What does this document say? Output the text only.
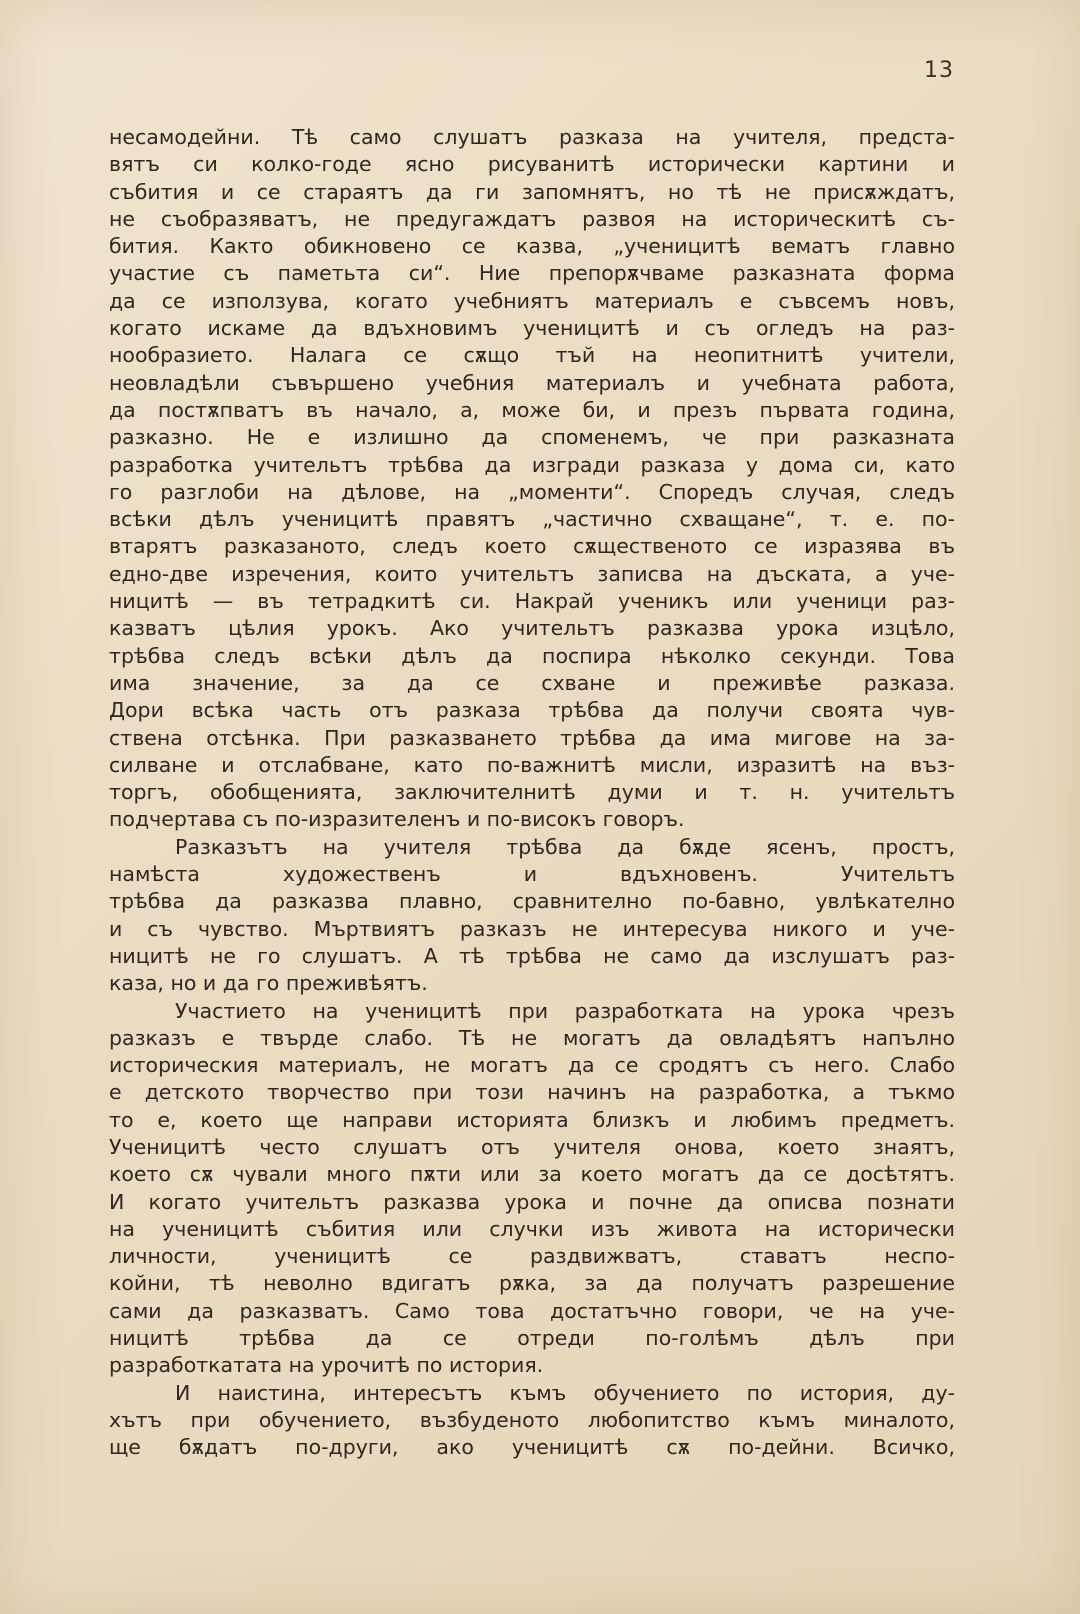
13
несамодейни. Тѣ само слушатъ разказа на учителя, предста-
вятъ си колко-годе ясно рисуванитѣ исторически картини и
събития и се стараятъ да ги запомнятъ, но тѣ не присѫждатъ,
не съобразяватъ, не предугаждатъ развоя на историческитѣ съ-
бития. Както обикновено се казва, „ученицитѣ вематъ главно
участие съ паметьта си“. Ние препорѫчваме разказната форма
да се използува, когато учебниятъ материалъ е съвсемъ новъ,
когато искаме да вдъхновимъ ученицитѣ и съ огледъ на раз-
нообразието. Налага се сѫщо тъй на неопитнитѣ учители,
неовладѣли съвършено учебния материалъ и учебната работа,
да постѫпватъ въ начало, а, може би, и презъ първата година,
разказно. Не е излишно да споменемъ, че при разказната
разработка учительтъ трѣбва да изгради разказа у дома си, като
го разглоби на дѣлове, на „моменти“. Споредъ случая, следъ
всѣки дѣлъ ученицитѣ правятъ „частично схващане“, т. е. по-
втарятъ разказаното, следъ което сѫщественото се изразява въ
едно-две изречения, които учительтъ записва на дъската, а уче-
ницитѣ — въ тетрадкитѣ си. Накрай ученикъ или ученици раз-
казватъ цѣлия урокъ. Ако учительтъ разказва урока изцѣло,
трѣбва следъ всѣки дѣлъ да поспира нѣколко секунди. Това
има значение, за да се схване и преживѣе разказа.
Дори всѣка часть отъ разказа трѣбва да получи своята чув-
ствена отсѣнка. При разказването трѣбва да има мигове на за-
силване и отслабване, като по-важнитѣ мисли, изразитѣ на въз-
торгъ, обобщенията, заключителнитѣ думи и т. н. учительтъ
подчертава съ по-изразителенъ и по-високъ говоръ.
Разказътъ на учителя трѣбва да бѫде ясенъ, простъ,
намѣста художественъ и вдъхновенъ. Учительтъ
трѣбва да разказва плавно, сравнително по-бавно, увлѣкателно
и съ чувство. Мъртвиятъ разказъ не интересува никого и уче-
ницитѣ не го слушатъ. А тѣ трѣбва не само да изслушатъ раз-
каза, но и да го преживѣятъ.
Участието на ученицитѣ при разработката на урока чрезъ
разказъ е твърде слабо. Тѣ не могатъ да овладѣятъ напълно
историческия материалъ, не могатъ да се сродятъ съ него. Слабо
е детското творчество при този начинъ на разработка, а тъкмо
то е, което ще направи историята близкъ и любимъ предметъ.
Ученицитѣ често слушатъ отъ учителя онова, което знаятъ,
което сѫ чували много пѫти или за което могатъ да се досѣтятъ.
И когато учительтъ разказва урока и почне да описва познати
на ученицитѣ събития или случки изъ живота на исторически
личности, ученицитѣ се раздвижватъ, ставатъ неспо-
койни, тѣ неволно вдигатъ рѫка, за да получатъ разрешение
сами да разказватъ. Само това достатъчно говори, че на уче-
ницитѣ трѣбва да се отреди по-голѣмъ дѣлъ при
разработкатата на урочитѣ по история.
И наистина, интересътъ къмъ обучението по история, ду-
хътъ при обучението, възбуденото любопитство къмъ миналото,
ще бѫдатъ по-други, ако ученицитѣ сѫ по-дейни. Всичко,
